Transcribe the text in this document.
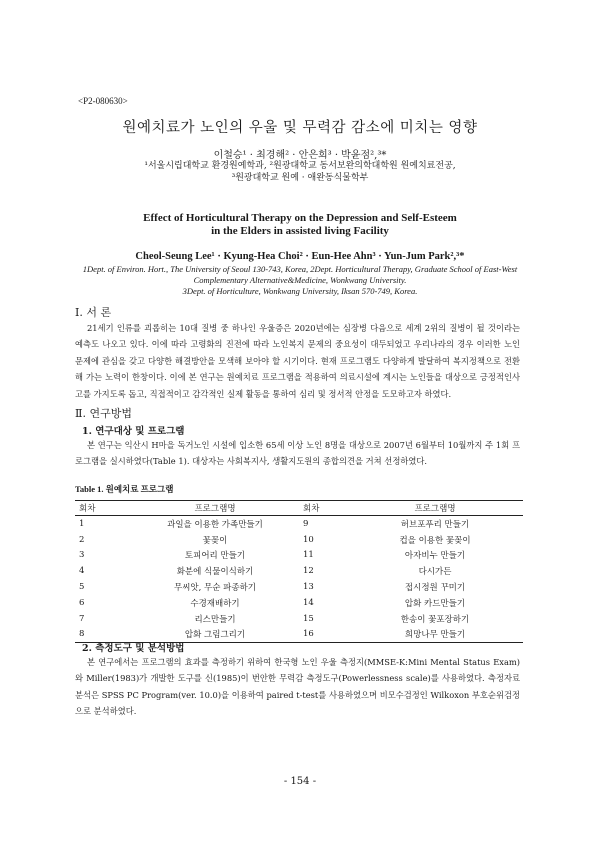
<P2-080630>
원예치료가 노인의 우울 및 무력감 감소에 미치는 영향
이철승¹ · 최경해² · 안은희³ · 박윤점²,³*
¹서울시립대학교 환경원예학과, ²원광대학교 동서보완의학대학원 원예치료전공,
³원광대학교 원예 · 애완동식물학부
Effect of Horticultural Therapy on the Depression and Self-Esteem
in the Elders in assisted living Facility
Cheol-Seung Lee¹ · Kyung-Hea Choi² · Eun-Hee Ahn³ · Yun-Jum Park²,³*
1Dept. of Environ. Hort., The University of Seoul 130-743, Korea, 2Dept. Horticultural Therapy, Graduate School of East-West
Complementary Alternative&Medicine, Wonkwang University.
3Dept. of Horticulture, Wonkwang University, Iksan 570-749, Korea.
Ⅰ. 서 론
21세기 인류를 괴롭히는 10대 질병 중 하나인 우울증은 2020년에는 심장병 다음으로 세계 2위의 질병이 될 것이라는 예측도 나오고 있다. 이에 따라 고령화의 진전에 따라 노인복지 문제의 중요성이 대두되었고 우리나라의 경우 이러한 노인 문제에 관심을 갖고 다양한 해결방안을 모색해 보아야 할 시기이다. 현재 프로그램도 다양하게 발달하여 복지정책으로 전환해 가는 노력이 한창이다. 이에 본 연구는 원예치료 프로그램을 적용하여 의료시설에 계시는 노인들을 대상으로 긍정적인사고를 가지도록 돕고, 직접적이고 감각적인 실제 활동을 통하여 심리 및 정서적 안정을 도모하고자 하였다.
Ⅱ. 연구방법
1. 연구대상 및 프로그램
본 연구는 익산시 H마을 독거노인 시설에 입소한 65세 이상 노인 8명을 대상으로 2007년 6월부터 10월까지 주 1회 프로그램을 실시하였다(Table 1). 대상자는 사회복지사, 생활지도원의 종합의견을 거쳐 선정하였다.
Table 1. 원예치료 프로그램
회차	프로그램명	회차	프로그램명
1	과일을 이용한 가족만들기	9	허브포푸리 만들기
2	꽃꽂이	10	컵을 이용한 꽃꽂이
3	토피어리 만들기	11	아자비누 만들기
4	화분에 식물이식하기	12	다시가든
5	무씨앗, 무순 파종하기	13	접시정원 꾸미기
6	수경재배하기	14	압화 카드만들기
7	리스만들기	15	한송이 꽃포장하기
8	압화 그림그리기	16	희망나무 만들기
2. 측정도구 및 분석방법
본 연구에서는 프로그램의 효과를 측정하기 위하여 한국형 노인 우울 측정지(MMSE-K:Mini Mental Status Exam)와 Miller(1983)가 개발한 도구를 신(1985)이 번안한 무력감 측정도구(Powerlessness scale)를 사용하였다. 측정자료 분석은 SPSS PC Program(ver. 10.0)을 이용하여 paired t-test를 사용하였으며 비모수검정인 Wilkoxon 부호순위검정으로 분석하였다.
- 154 -
